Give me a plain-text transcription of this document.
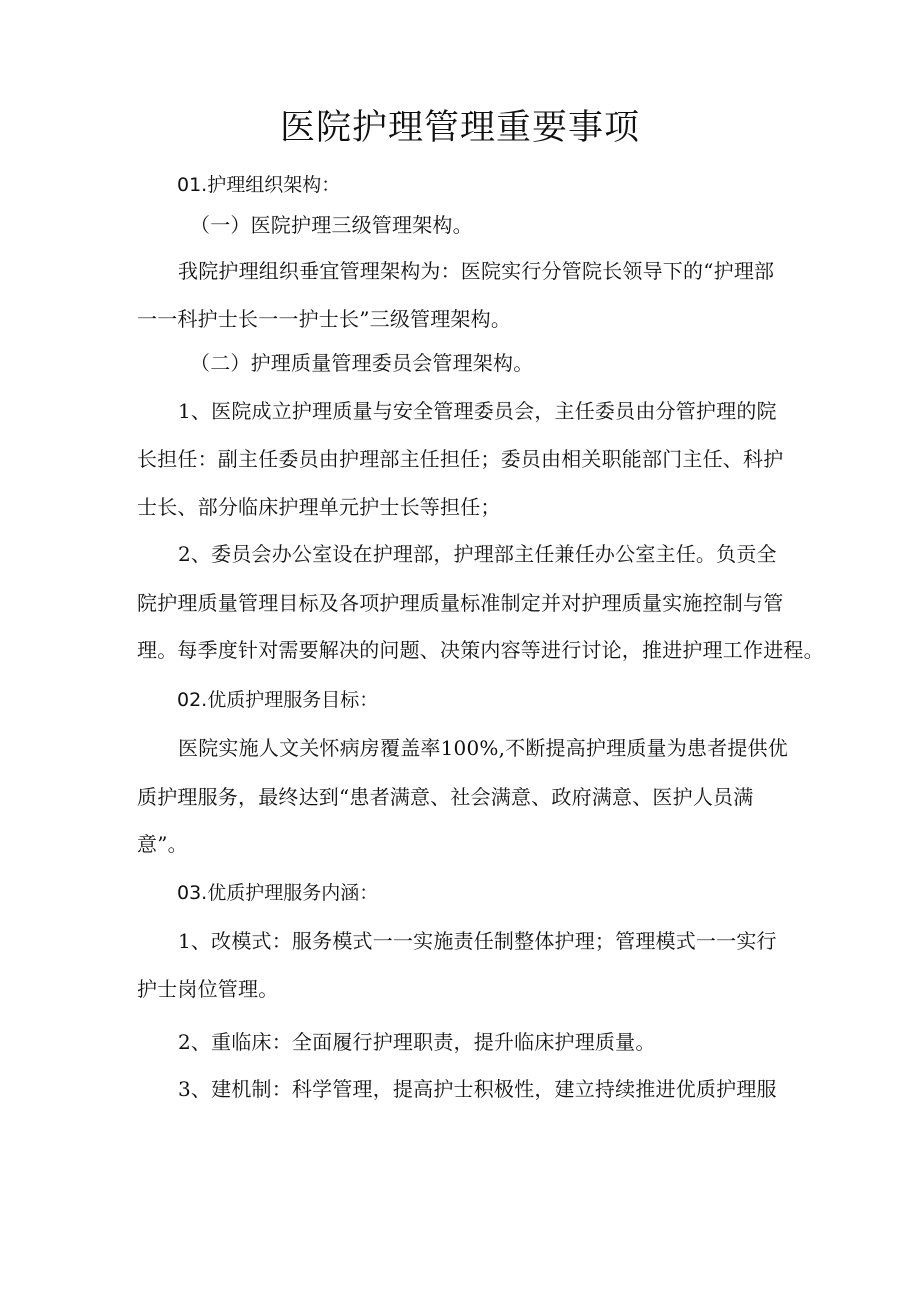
医院护理管理重要事项

01.护理组织架构：

（一）医院护理三级管理架构。

我院护理组织垂宜管理架构为：医院实行分管院长领导下的“护理部

一一科护士长一一护士长”三级管理架构。

（二）护理质量管理委员会管理架构。

1、医院成立护理质量与安全管理委员会，主任委员由分管护理的院

长担任：副主任委员由护理部主任担任；委员由相关职能部门主任、科护

士长、部分临床护理单元护士长等担任；

2、委员会办公室设在护理部，护理部主任兼任办公室主任。负贡全

院护理质量管理目标及各项护理质量标准制定并对护理质量实施控制与管

理。每季度针对需要解决的问题、决策内容等进行讨论，推进护理工作进程。

02.优质护理服务目标：

医院实施人文关怀病房覆盖率100%,不断提高护理质量为患者提供优

质护理服务，最终达到“患者满意、社会满意、政府满意、医护人员满

意”。

03.优质护理服务内涵：

1、改模式：服务模式一一实施责任制整体护理；管理模式一一实行

护士岗位管理。

2、重临床：全面履行护理职责，提升临床护理质量。

3、建机制：科学管理，提高护士积极性，建立持续推进优质护理服
